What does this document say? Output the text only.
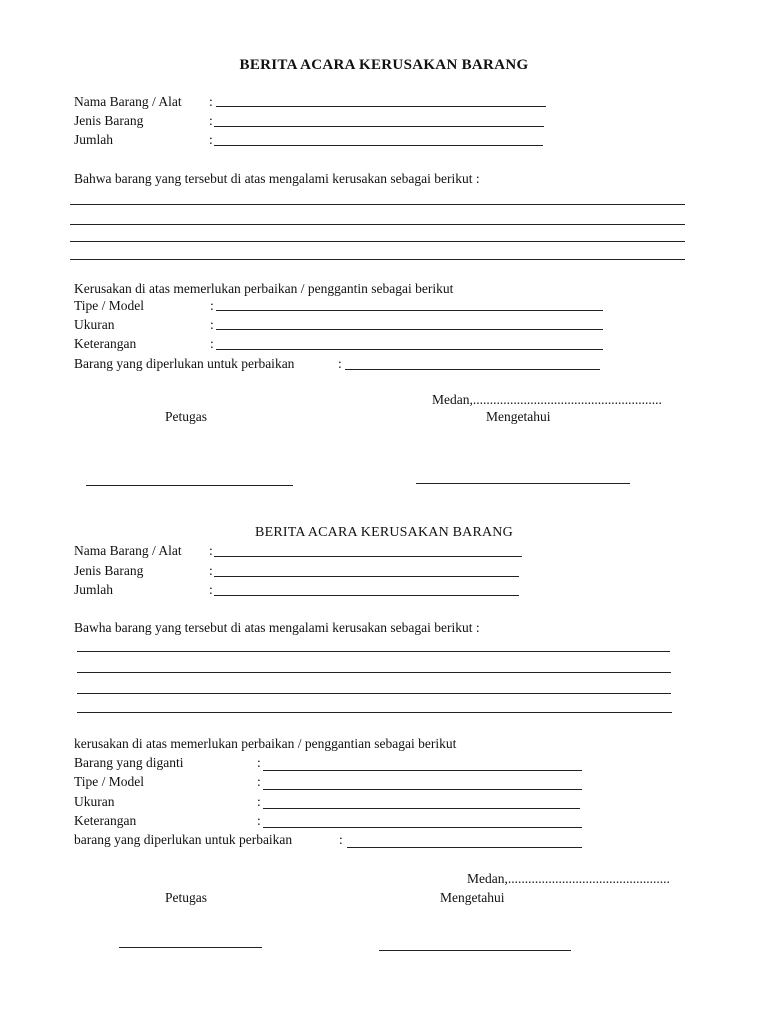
BERITA ACARA KERUSAKAN BARANG
Nama Barang / Alat :
Jenis Barang	:
Jumlah	:
Bahwa barang yang tersebut di atas mengalami kerusakan sebagai berikut :
Kerusakan di atas memerlukan perbaikan / penggantin sebagai berikut
Tipe / Model	:
Ukuran	:
Keterangan	:
Barang yang diperlukan untuk perbaikan	:
Medan,........................................................
Petugas	Mengetahui
BERITA ACARA KERUSAKAN BARANG
Nama Barang / Alat :
Jenis Barang	:
Jumlah	:
Bawha barang yang tersebut di atas mengalami kerusakan sebagai berikut :
kerusakan di atas memerlukan perbaikan / penggantian sebagai berikut
Barang yang diganti	:
Tipe / Model	:
Ukuran	:
Keterangan	:
barang yang diperlukan untuk perbaikan	:
Medan,................................................
Petugas	Mengetahui
